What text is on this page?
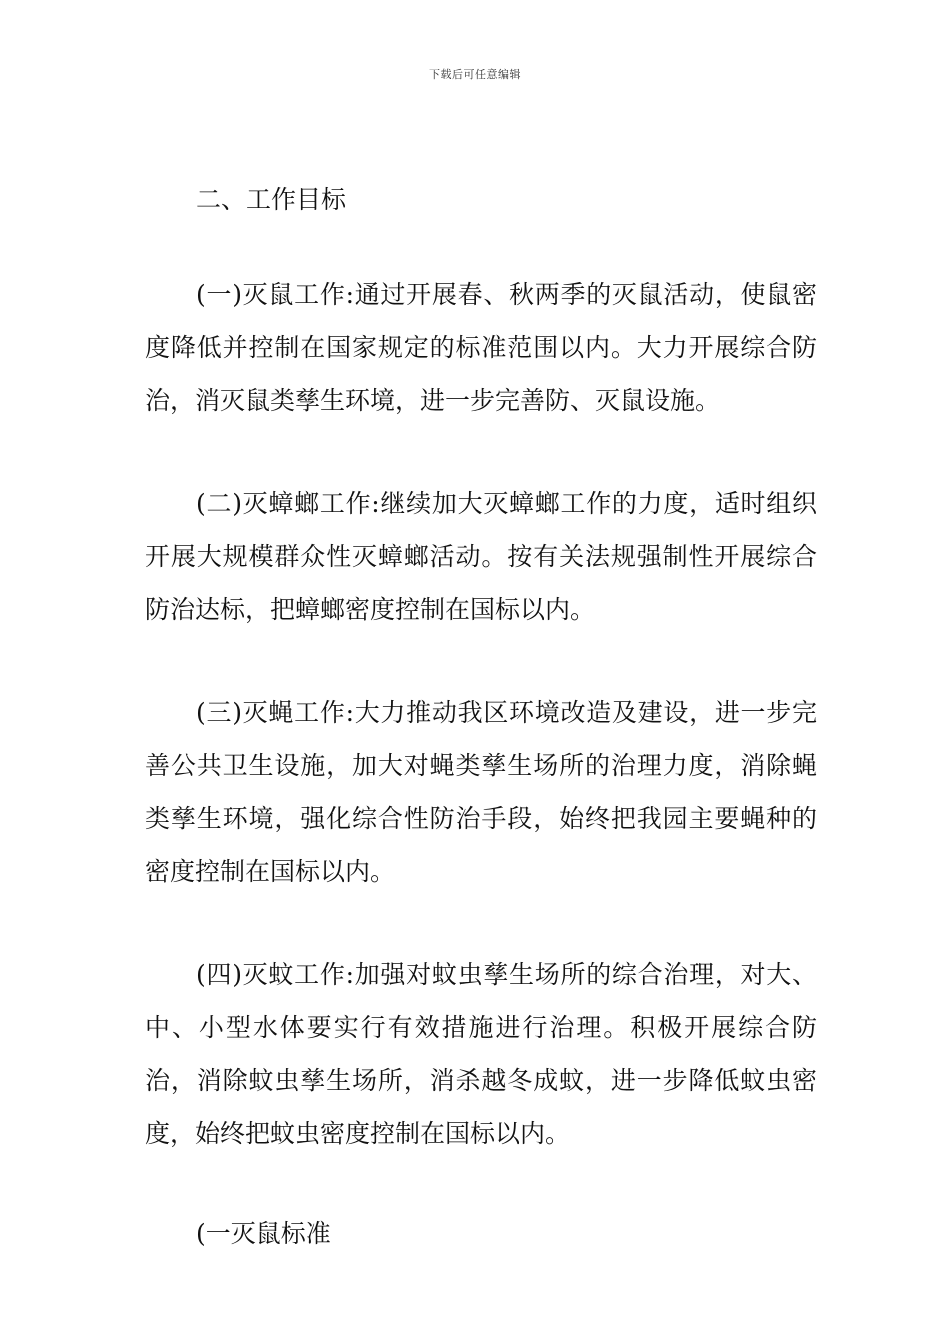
下载后可任意编辑
二、工作目标

(一)灭鼠工作:通过开展春、秋两季的灭鼠活动，使鼠密度降低并控制在国家规定的标准范围以内。大力开展综合防治，消灭鼠类孳生环境，进一步完善防、灭鼠设施。

(二)灭蟑螂工作:继续加大灭蟑螂工作的力度，适时组织开展大规模群众性灭蟑螂活动。按有关法规强制性开展综合防治达标，把蟑螂密度控制在国标以内。

(三)灭蝇工作:大力推动我区环境改造及建设，进一步完善公共卫生设施，加大对蝇类孳生场所的治理力度，消除蝇类孳生环境，强化综合性防治手段，始终把我园主要蝇种的密度控制在国标以内。

(四)灭蚊工作:加强对蚊虫孳生场所的综合治理，对大、中、小型水体要实行有效措施进行治理。积极开展综合防治，消除蚊虫孳生场所，消杀越冬成蚊，进一步降低蚊虫密度，始终把蚊虫密度控制在国标以内。

(一灭鼠标准
